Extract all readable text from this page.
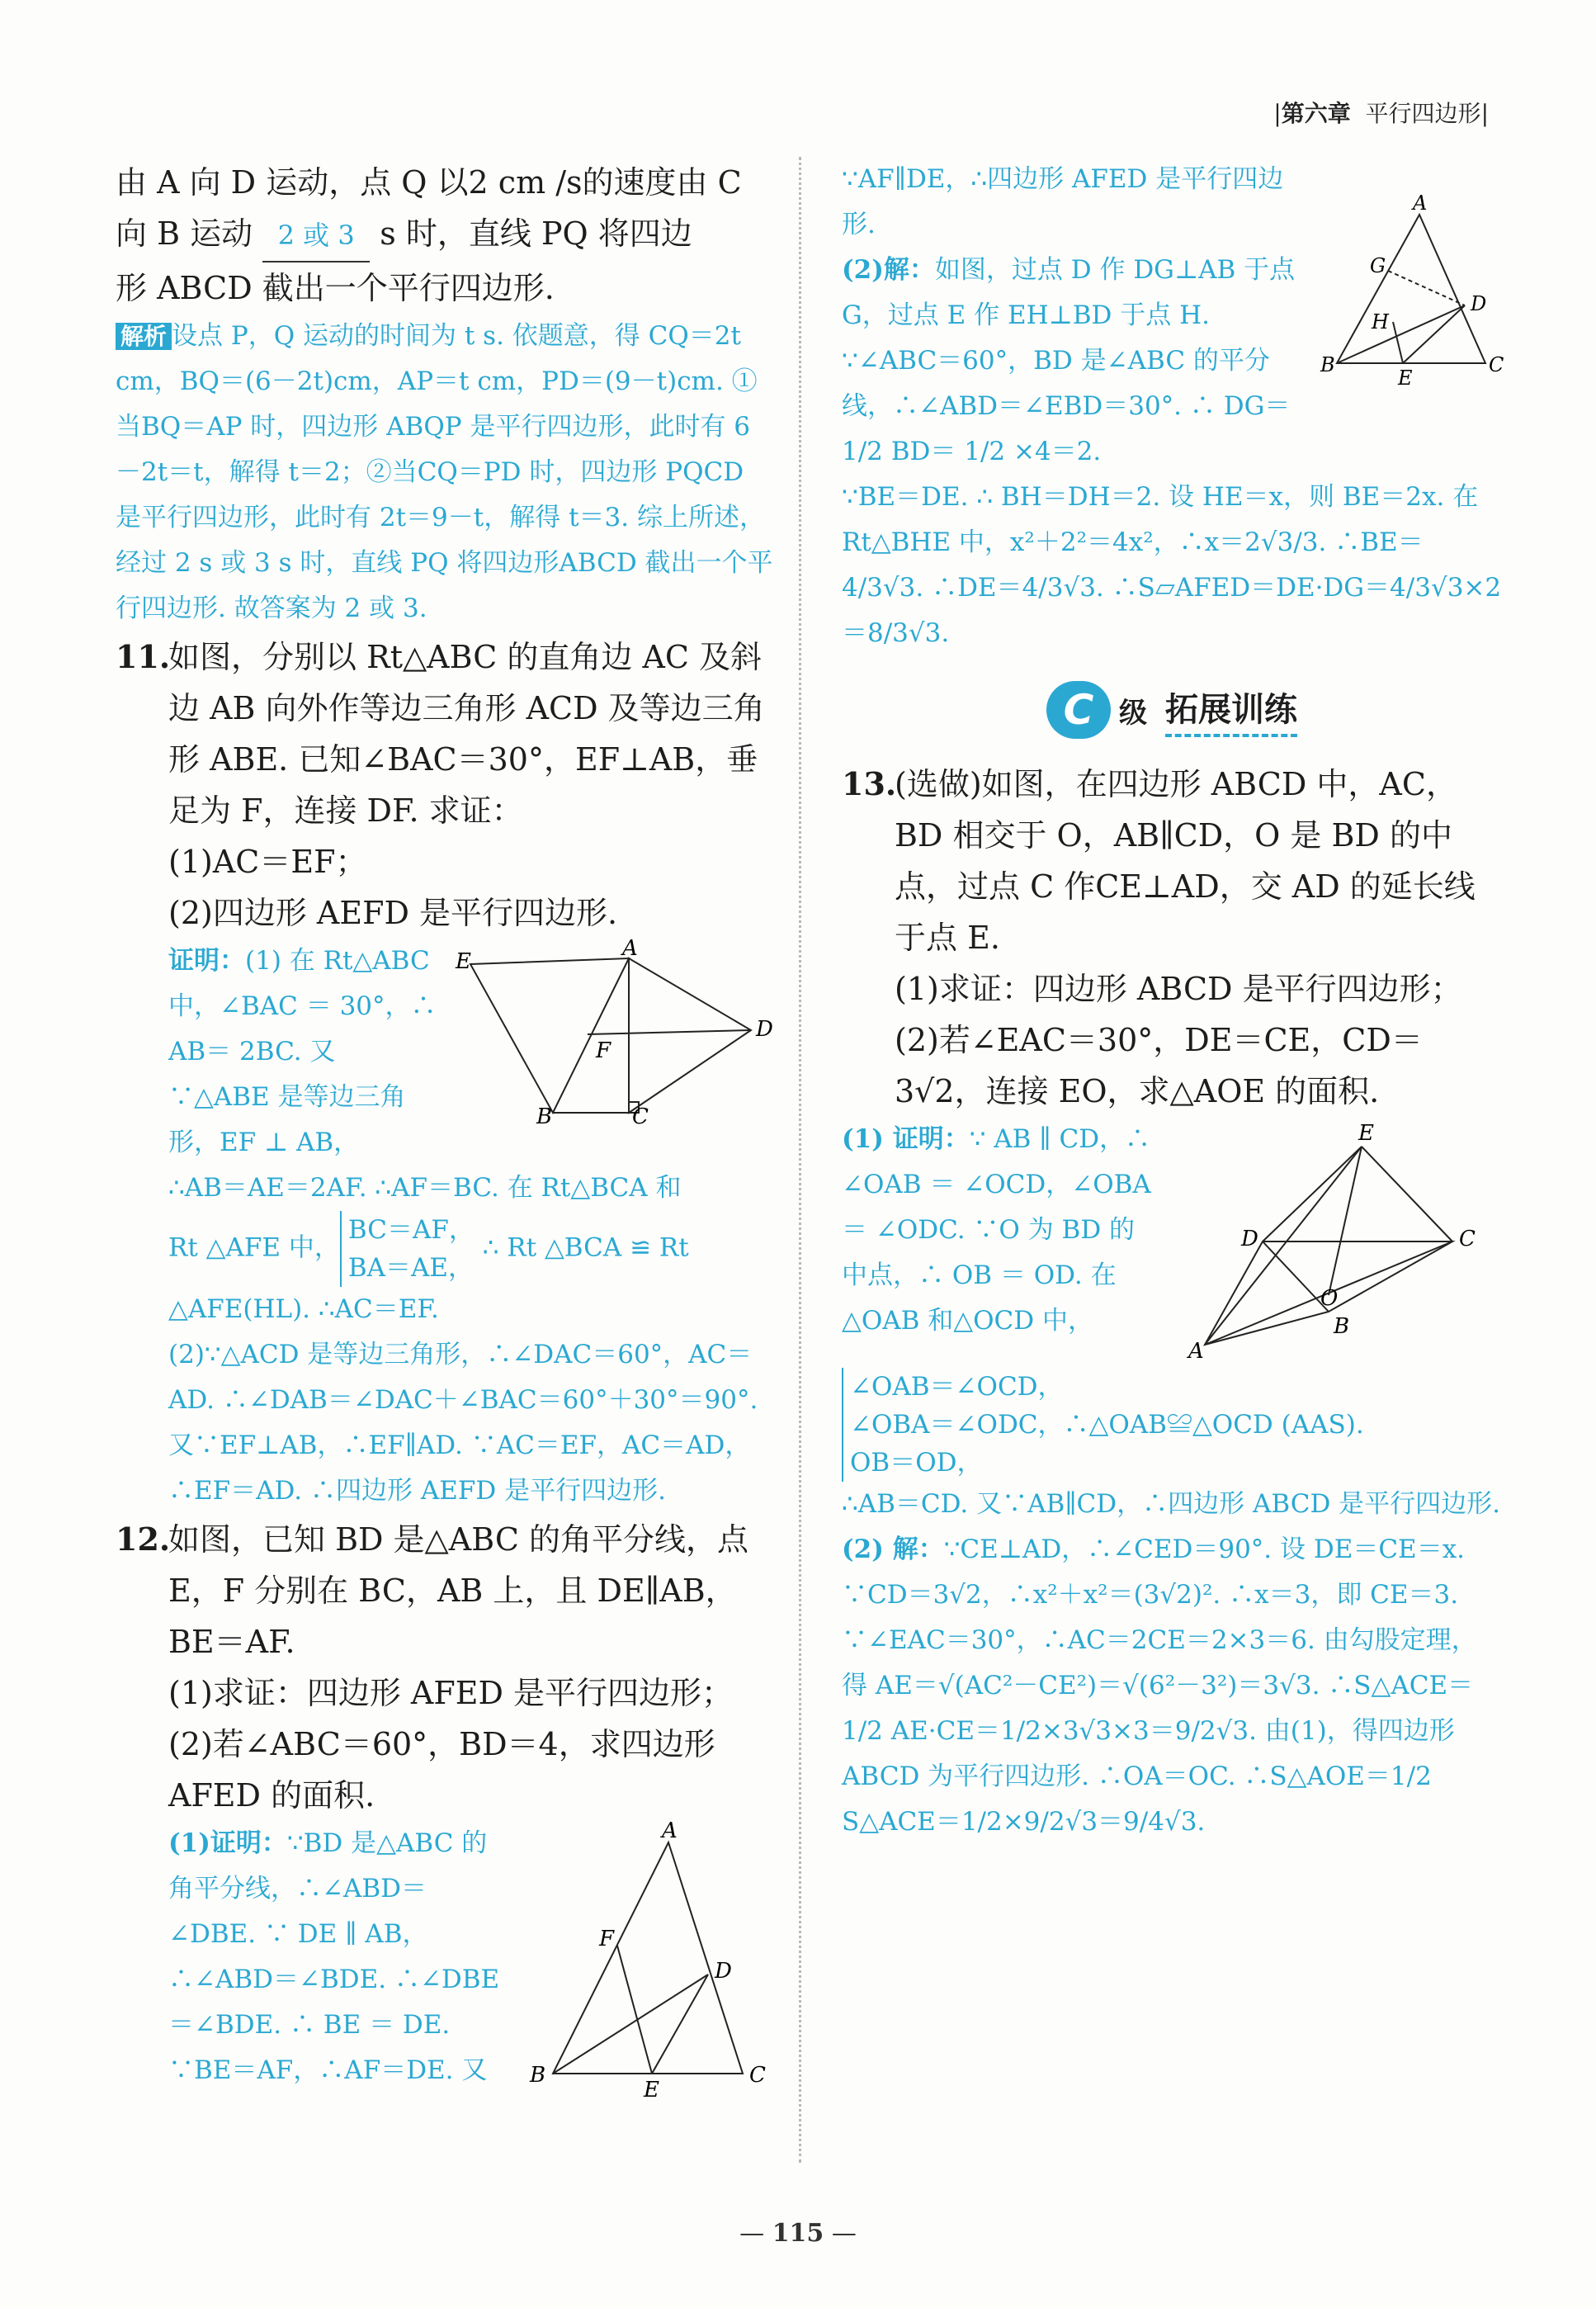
|第六章 平行四边形|

由 A 向 D 运动，点 Q 以2 cm /s的速度由 C

向 B 运动 2 或 3 s 时，直线 PQ 将四边

形 ABCD 截出一个平行四边形.

解析 设点 P，Q 运动的时间为 t s. 依题意，得 CQ＝2t cm，BQ＝(6－2t)cm，AP＝t cm，PD＝(9－t)cm. ①当BQ＝AP 时，四边形 ABQP 是平行四边形，此时有 6－2t＝t，解得 t＝2；②当CQ＝PD 时，四边形 PQCD 是平行四边形，此时有 2t＝9－t，解得 t＝3. 综上所述，经过 2 s 或 3 s 时，直线 PQ 将四边形ABCD 截出一个平行四边形. 故答案为 2 或 3.

11.如图，分别以 Rt△ABC 的直角边 AC 及斜边 AB 向外作等边三角形 ACD 及等边三角形 ABE. 已知∠BAC＝30°，EF⊥AB，垂足为 F，连接 DF. 求证：

(1)AC＝EF；

(2)四边形 AEFD 是平行四边形.

E
A
D
F
B	C

证明：(1) 在 Rt△ABC 中，∠BAC ＝ 30°，∴ AB＝ 2BC. 又 ∵△ABE 是等边三角形，EF ⊥ AB，

∴AB＝AE＝2AF. ∴AF＝BC. 在 Rt△BCA 和

Rt △AFE 中，BC＝AF，
BA＝AE， ∴ Rt △BCA ≌ Rt

△AFE(HL). ∴AC＝EF.

(2)∵△ACD 是等边三角形，∴∠DAC＝60°，AC＝AD. ∴∠DAB＝∠DAC＋∠BAC＝60°＋30°＝90°. 又∵EF⊥AB，∴EF∥AD. ∵AC＝EF，AC＝AD，∴EF＝AD. ∴四边形 AEFD 是平行四边形.

12.如图，已知 BD 是△ABC 的角平分线，点 E，F 分别在 BC，AB 上，且 DE∥AB，BE＝AF.

(1)求证：四边形 AFED 是平行四边形；

(2)若∠ABC＝60°，BD＝4，求四边形 AFED 的面积.

A
F
D
B
E
C

(1)证明：∵BD 是△ABC 的角平分线，∴∠ABD＝∠DBE. ∵ DE ∥ AB，∴∠ABD＝∠BDE. ∴∠DBE＝∠BDE. ∴ BE ＝ DE. ∵BE＝AF，∴AF＝DE. 又

A
G
D
H
B
E
C

∵AF∥DE，∴四边形 AFED 是平行四边形.

(2)解：如图，过点 D 作 DG⊥AB 于点 G，过点 E 作 EH⊥BD 于点 H. ∵∠ABC＝60°，BD 是∠ABC 的平分线，∴∠ABD＝∠EBD＝30°. ∴ DG＝ 1/2 BD＝ 1/2 ×4＝2.

∵BE＝DE. ∴ BH＝DH＝2. 设 HE＝x，则 BE＝2x. 在 Rt△BHE 中，x²＋2²＝4x²，∴x＝2√3/3. ∴BE＝4/3√3. ∴DE＝4/3√3. ∴S▱AFED＝DE·DG＝4/3√3×2＝8/3√3.

C 级 拓展训练

13.(选做)如图，在四边形 ABCD 中，AC，BD 相交于 O，AB∥CD，O 是 BD 的中点，过点 C 作CE⊥AD，交 AD 的延长线于点 E.

(1)求证：四边形 ABCD 是平行四边形；

(2)若∠EAC＝30°，DE＝CE，CD＝3√2，连接 EO，求△AOE 的面积.

E
D	C
O
A
B

(1) 证明：∵ AB ∥ CD，∴ ∠OAB ＝ ∠OCD，∠OBA ＝ ∠ODC. ∵O 为 BD 的中点，∴ OB ＝ OD. 在△OAB 和△OCD 中，

∠OAB＝∠OCD，
∠OBA＝∠ODC，∴△OAB≌△OCD (AAS).
OB＝OD，

∴AB＝CD. 又∵AB∥CD，∴四边形 ABCD 是平行四边形.

(2) 解：∵CE⊥AD，∴∠CED＝90°. 设 DE＝CE＝x. ∵CD＝3√2，∴x²＋x²＝(3√2)². ∴x＝3，即 CE＝3. ∵∠EAC＝30°，∴AC＝2CE＝2×3＝6. 由勾股定理，得 AE＝√(AC²－CE²)＝√(6²－3²)＝3√3. ∴S△ACE＝1/2 AE·CE＝1/2×3√3×3＝9/2√3. 由(1)，得四边形 ABCD 为平行四边形. ∴OA＝OC. ∴S△AOE＝1/2 S△ACE＝1/2×9/2√3＝9/4√3.

— 115 —
